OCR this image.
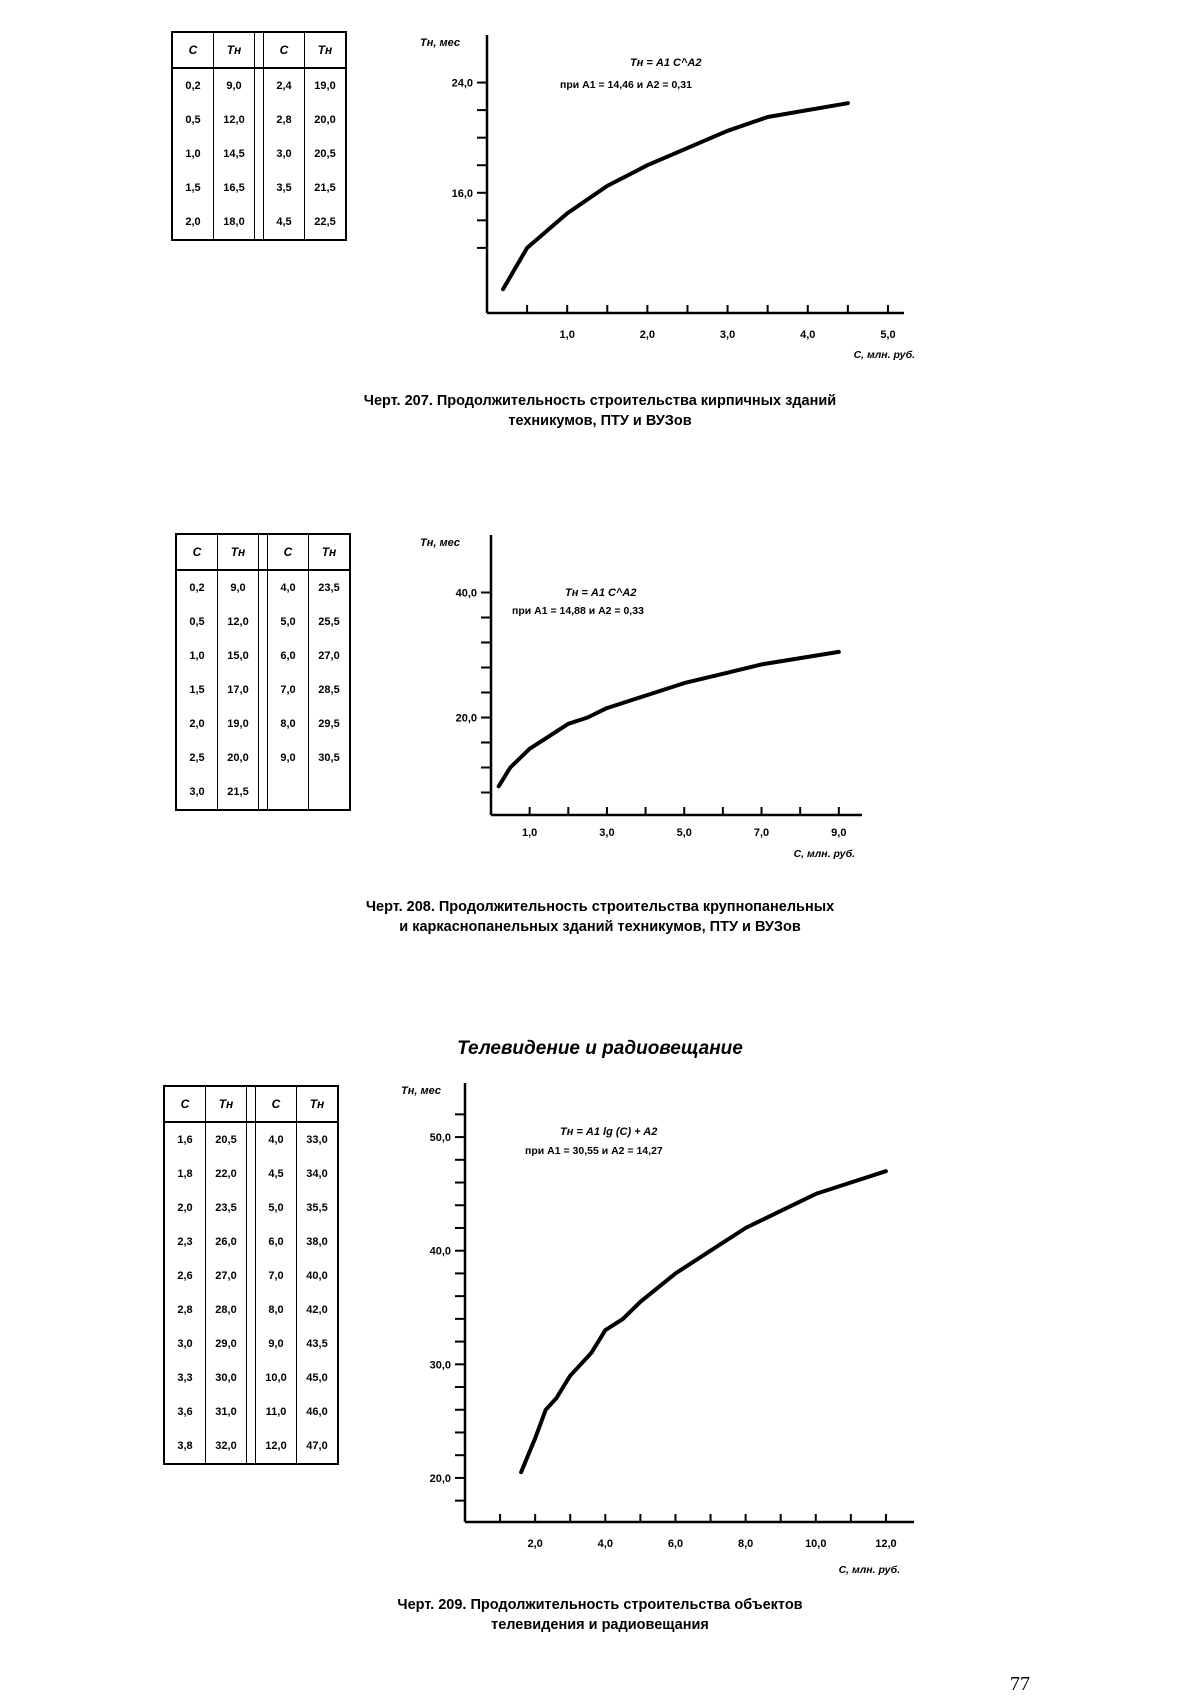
C	Тн		C	Тн
0,2	9,0		2,4	19,0
0,5	12,0		2,8	20,0
1,0	14,5		3,0	20,5
1,5	16,5		3,5	21,5
2,0	18,0		4,5	22,5
C	Тн		C	Тн
0,2	9,0		4,0	23,5
0,5	12,0		5,0	25,5
1,0	15,0		6,0	27,0
1,5	17,0		7,0	28,5
2,0	19,0		8,0	29,5
2,5	20,0		9,0	30,5
3,0	21,5			
C	Тн		C	Тн
1,6	20,5		4,0	33,0
1,8	22,0		4,5	34,0
2,0	23,5		5,0	35,5
2,3	26,0		6,0	38,0
2,6	27,0		7,0	40,0
2,8	28,0		8,0	42,0
3,0	29,0		9,0	43,5
3,3	30,0		10,0	45,0
3,6	31,0		11,0	46,0
3,8	32,0		12,0	47,0
1,0	2,0	3,0	4,0	5,0
16,0
24,0
Тн, мес
С, млн. руб.
Тн = A1 C^A2
при A1 = 14,46 и A2 = 0,31
1,0	3,0	5,0	7,0	9,0
20,0
40,0
Тн, мес
С, млн. руб.
Тн = A1 C^A2
при A1 = 14,88 и A2 = 0,33
2,0	4,0	6,0	8,0	10,0	12,0
20,0
30,0
40,0
50,0
Тн, мес
С, млн. руб.
Тн = A1 lg (C) + A2
при A1 = 30,55 и A2 = 14,27
Черт. 207. Продолжительность строительства кирпичных зданий
техникумов, ПТУ и ВУЗов
Черт. 208. Продолжительность строительства крупнопанельных
и каркаснопанельных зданий техникумов, ПТУ и ВУЗов
Телевидение и радиовещание
Черт. 209. Продолжительность строительства объектов
телевидения и радиовещания
77
